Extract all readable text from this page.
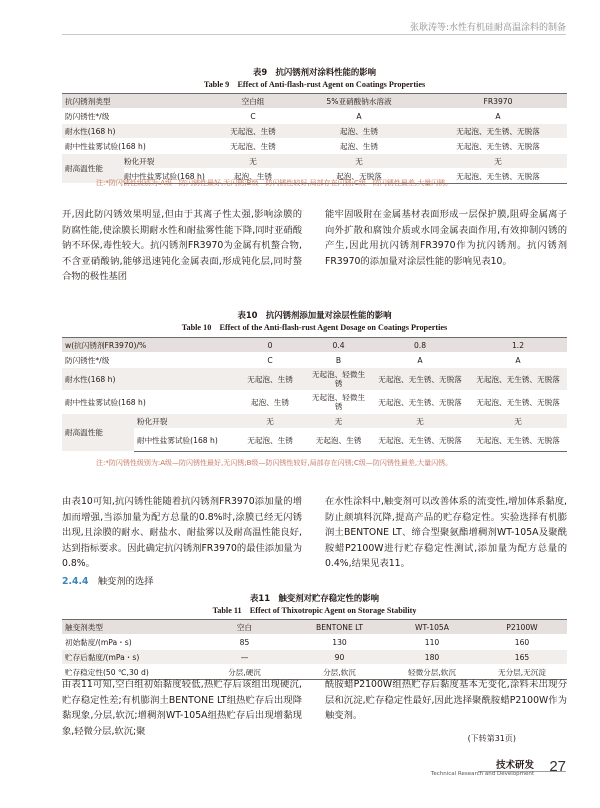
张耿涛等:水性有机硅耐高温涂料的制备
表9　抗闪锈剂对涂料性能的影响
Table 9　Effect of Anti-flash-rust Agent on Coatings Properties
抗闪锈剂类型		空白组	5%亚硝酸钠水溶液	FR3970	
防闪锈性*/级		C	A	A	
耐水性(168 h)		无起泡、生锈	起泡、生锈	无起泡、无生锈、无脱落	
耐中性盐雾试验(168 h)		无起泡、生锈	起泡、生锈	无起泡、无生锈、无脱落	
耐高温性能	粉化开裂	无	无	无	
	耐中性盐雾试验(168 h)	起泡、生锈	起泡、无脱落	无起泡、无生锈、无脱落	
注:*防闪锈性级别为:A级—防闪锈性最好,无闪锈;B级—防闪锈性较好,局部存在闪锈;C级—防闪锈性最差,大量闪锈。
开,因此防闪锈效果明显,但由于其离子性太强,影响涂膜的防腐性能,使涂膜长期耐水性和耐盐雾性能下降,同时亚硝酸钠不环保,毒性较大。抗闪锈剂FR3970为金属有机螯合物,不含亚硝酸钠,能够迅速钝化金属表面,形成钝化层,同时螯合物的极性基团
能牢固吸附在金属基材表面形成一层保护膜,阻碍金属离子向外扩散和腐蚀介质或水同金属表面作用,有效抑制闪锈的产生,因此用抗闪锈剂FR3970作为抗闪锈剂。抗闪锈剂FR3970的添加量对涂层性能的影响见表10。
表10　抗闪锈剂添加量对涂层性能的影响
Table 10　Effect of the Anti-flash-rust Agent Dosage on Coatings Properties
w(抗闪锈剂FR3970)/%		0	0.4	0.8	1.2
防闪锈性*/级		C	B	A	A
耐水性(168 h)		无起泡、生锈	无起泡、轻微生锈	无起泡、无生锈、无脱落	无起泡、无生锈、无脱落
耐中性盐雾试验(168 h)		起泡、生锈	无起泡、轻微生锈	无起泡、无生锈、无脱落	无起泡、无生锈、无脱落
耐高温性能	粉化开裂	无	无	无	无
	耐中性盐雾试验(168 h)	无起泡、生锈	无起泡、生锈	无起泡、无生锈、无脱落	无起泡、无生锈、无脱落
注:*防闪锈性级别为:A级—防闪锈性最好,无闪锈;B级—防闪锈性较好,局部存在闪锈;C级—防闪锈性最差,大量闪锈。
由表10可知,抗闪锈性能随着抗闪锈剂FR3970添加量的增加而增强,当添加量为配方总量的0.8%时,涂膜已经无闪锈出现,且涂膜的耐水、耐盐水、耐盐雾以及耐高温性能良好,达到指标要求。因此确定抗闪锈剂FR3970的最佳添加量为0.8%。
在水性涂料中,触变剂可以改善体系的流变性,增加体系黏度,防止颜填料沉降,提高产品的贮存稳定性。实验选择有机膨润土BENTONE LT、缔合型聚氨酯增稠剂WT-105A及聚酰胺蜡P2100W进行贮存稳定性测试,添加量为配方总量的0.4%,结果见表11。
2.4.4 触变剂的选择
表11　触变剂对贮存稳定性的影响
Table 11　Effect of Thixotropic Agent on Storage Stability
触变剂类型	空白	BENTONE LT	WT-105A	P2100W
初始黏度/(mPa・s)	85	130	110	160
贮存后黏度/(mPa・s)	—	90	180	165
贮存稳定性(50 ℃,30 d)	分层,硬沉	分层,软沉	轻微分层,软沉	无分层,无沉淀
由表11可知,空白组初始黏度较低,热贮存后该组出现硬沉,贮存稳定性差;有机膨润土BENTONE LT组热贮存后出现降黏现象,分层,软沉;增稠剂WT-105A组热贮存后出现增黏现象,轻微分层,软沉;聚
酰胺蜡P2100W组热贮存后黏度基本无变化,涂料未出现分层和沉淀,贮存稳定性最好,因此选择聚酰胺蜡P2100W作为触变剂。
(下转第31页)
技术研发
Technical Research and Development 27
